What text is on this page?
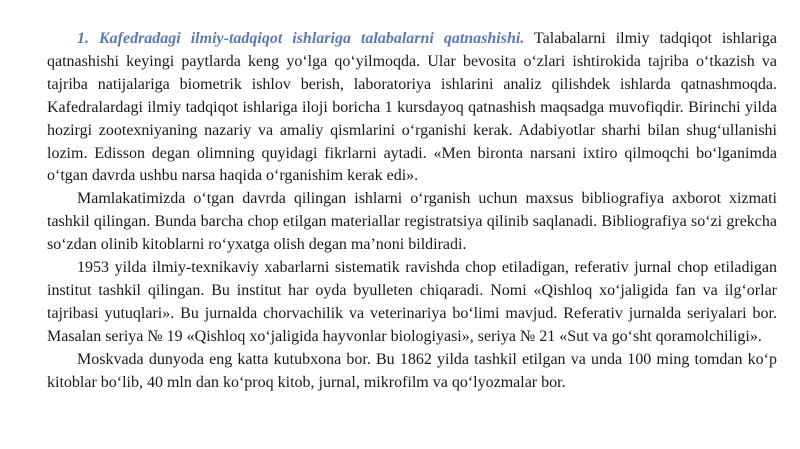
1. Kafedradagi ilmiy-tadqiqot ishlariga talabalarni qatnashishi. Talabalarni ilmiy tadqiqot ishlariga qatnashishi keyingi paytlarda keng yo‘lga qo‘yilmoqda. Ular bevosita o‘zlari ishtirokida tajriba o‘tkazish va tajriba natijalariga biometrik ishlov berish, laboratoriya ishlarini analiz qilishdek ishlarda qatnashmoqda. Kafedralardagi ilmiy tadqiqot ishlariga iloji boricha 1 kursdayoq qatnashish maqsadga muvofiqdir. Birinchi yilda hozirgi zootexniyaning nazariy va amaliy qismlarini o‘rganishi kerak. Adabiyotlar sharhi bilan shug‘ullanishi lozim. Edisson degan olimning quyidagi fikrlarni aytadi. «Men bironta narsani ixtiro qilmoqchi bo‘lganimda o‘tgan davrda ushbu narsa haqida o‘rganishim kerak edi».

Mamlakatimizda o‘tgan davrda qilingan ishlarni o‘rganish uchun maxsus bibliografiya axborot xizmati tashkil qilingan. Bunda barcha chop etilgan materiallar registratsiya qilinib saqlanadi. Bibliografiya so‘zi grekcha so‘zdan olinib kitoblarni ro‘yxatga olish degan ma’noni bildiradi.

1953 yilda ilmiy-texnikaviy xabarlarni sistematik ravishda chop etiladigan, referativ jurnal chop etiladigan institut tashkil qilingan. Bu institut har oyda byulleten chiqaradi. Nomi «Qishloq xo‘jaligida fan va ilg‘orlar tajribasi yutuqlari». Bu jurnalda chorvachilik va veterinariya bo‘limi mavjud. Referativ jurnalda seriyalari bor. Masalan seriya № 19 «Qishloq xo‘jaligida hayvonlar biologiyasi», seriya № 21 «Sut va go‘sht qoramolchiligi».

Moskvada dunyoda eng katta kutubxona bor. Bu 1862 yilda tashkil etilgan va unda 100 ming tomdan ko‘p kitoblar bo‘lib, 40 mln dan ko‘proq kitob, jurnal, mikrofilm va qo‘lyozmalar bor.
